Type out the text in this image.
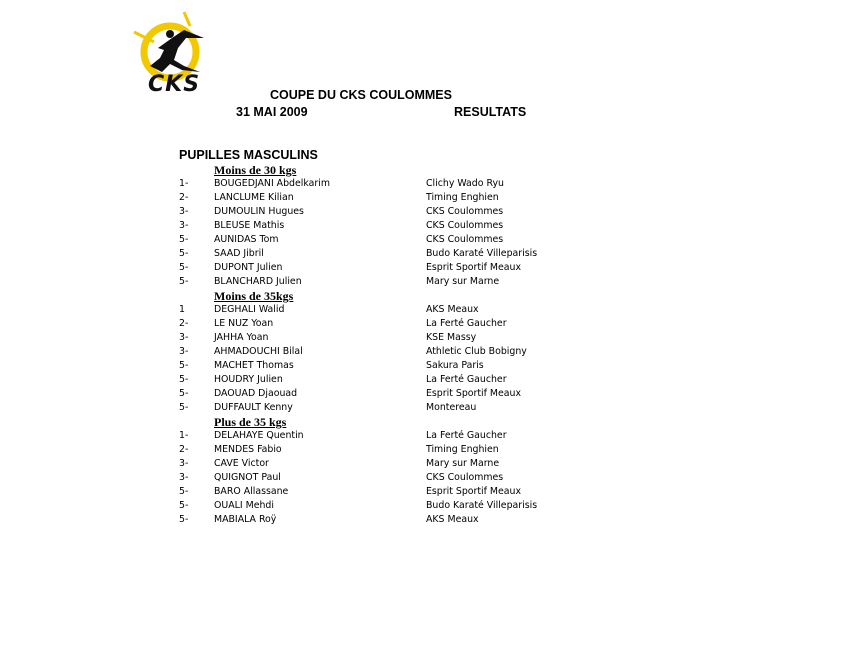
CKS	COUPE DU CKS COULOMMES
31 MAI 2009	RESULTATS
PUPILLES MASCULINS
Moins de 30 kgs
1-	BOUGEDJANI Abdelkarim	Clichy Wado Ryu
2-	LANCLUME Kilian	Timing Enghien
3-	DUMOULIN Hugues	CKS Coulommes
3-	BLEUSE Mathis	CKS Coulommes
5-	AUNIDAS Tom	CKS Coulommes
5-	SAAD Jibril	Budo Karaté Villeparisis
5-	DUPONT Julien	Esprit Sportif Meaux
5-	BLANCHARD Julien	Mary sur Marne
Moins de 35kgs
1	DEGHALI Walid	AKS Meaux
2-	LE NUZ Yoan	La Ferté Gaucher
3-	JAHHA Yoan	KSE Massy
3-	AHMADOUCHI Bilal	Athletic Club Bobigny
5-	MACHET Thomas	Sakura Paris
5-	HOUDRY Julien	La Ferté Gaucher
5-	DAOUAD Djaouad	Esprit Sportif Meaux
5-	DUFFAULT Kenny	Montereau
Plus de 35 kgs
1-	DELAHAYE Quentin	La Ferté Gaucher
2-	MENDES Fabio	Timing Enghien
3-	CAVE Victor	Mary sur Marne
3-	QUIGNOT Paul	CKS Coulommes
5-	BARO Allassane	Esprit Sportif Meaux
5-	OUALI Mehdi	Budo Karaté Villeparisis
5-	MABIALA Roÿ	AKS Meaux
